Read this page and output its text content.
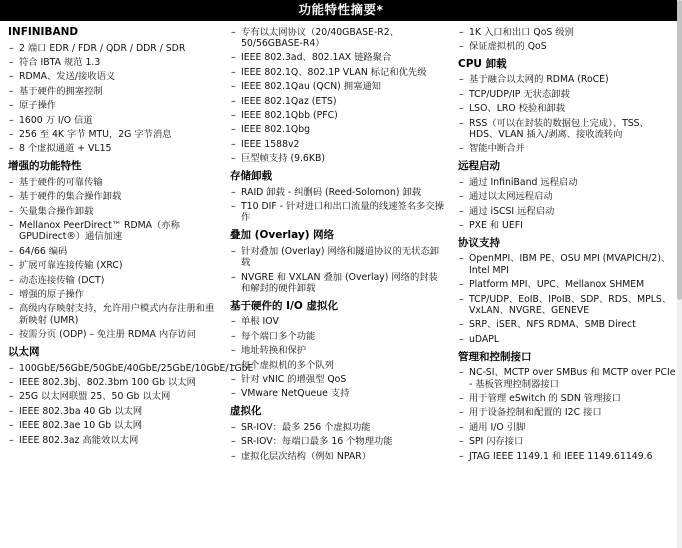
功能特性摘要*
INFINIBAND
– 2 端口 EDR / FDR / QDR / DDR / SDR
– 符合 IBTA 规范 1.3
– RDMA、发送/接收语义
– 基于硬件的拥塞控制
– 原子操作
– 1600 万 I/O 信道
– 256 至 4K 字节 MTU，2G 字节消息
– 8 个虚拟通道 + VL15
增强的功能特性
– 基于硬件的可靠传输
– 基于硬件的集合操作卸载
– 矢量集合操作卸载
– Mellanox PeerDirect™ RDMA（亦称 GPUDirect®）通信加速
– 64/66 编码
– 扩展可靠连接传输 (XRC)
– 动态连接传输 (DCT)
– 增强的原子操作
– 高级内存映射支持，允许用户模式内存注册和重新映射 (UMR)
– 按需分页 (ODP) – 免注册 RDMA 内存访问
以太网
– 100GbE/56GbE/50GbE/40GbE/25GbE/10GbE/1GbE
– IEEE 802.3bj、802.3bm 100 Gb 以太网
– 25G 以太网联盟 25、50 Gb 以太网
– IEEE 802.3ba 40 Gb 以太网
– IEEE 802.3ae 10 Gb 以太网
– IEEE 802.3az 高能效以太网
– 专有以太网协议（20/40GBASE-R2、50/56GBASE-R4）
– IEEE 802.3ad、802.1AX 链路聚合
– IEEE 802.1Q、802.1P VLAN 标记和优先级
– IEEE 802.1Qau (QCN) 拥塞通知
– IEEE 802.1Qaz (ETS)
– IEEE 802.1Qbb (PFC)
– IEEE 802.1Qbg
– IEEE 1588v2
– 巨型帧支持 (9.6KB)
存储卸载
– RAID 卸载 - 纠删码 (Reed-Solomon) 卸载
– T10 DIF - 针对进口和出口流量的线速签名多交操作
叠加 (Overlay) 网络
– 针对叠加 (Overlay) 网络和隧道协议的无状态卸载
– NVGRE 和 VXLAN 叠加 (Overlay) 网络的封装和解封的硬件卸载
基于硬件的 I/O 虚拟化
– 单根 IOV
– 每个端口多个功能
– 地址转换和保护
– 每个虚拟机的多个队列
– 针对 vNIC 的增强型 QoS
– VMware NetQueue 支持
虚拟化
– SR-IOV：最多 256 个虚拟功能
– SR-IOV：每端口最多 16 个物理功能
– 虚拟化层次结构（例如 NPAR）
– 1K 入口和出口 QoS 级别
– 保证虚拟机的 QoS
CPU 卸载
– 基于融合以太网的 RDMA (RoCE)
– TCP/UDP/IP 无状态卸载
– LSO、LRO 校验和卸载
– RSS（可以在封装的数据包上完成）、TSS、HDS、VLAN 插入/剥离、接收流转向
– 智能中断合并
远程启动
– 通过 InfiniBand 远程启动
– 通过以太网远程启动
– 通过 iSCSI 远程启动
– PXE 和 UEFI
协议支持
– OpenMPI、IBM PE、OSU MPI (MVAPICH/2)、Intel MPI
– Platform MPI、UPC、Mellanox SHMEM
– TCP/UDP、EoIB、IPoIB、SDP、RDS、MPLS、VxLAN、NVGRE、GENEVE
– SRP、iSER、NFS RDMA、SMB Direct
– uDAPL
管理和控制接口
– NC-SI、MCTP over SMBus 和 MCTP over PCIe - 基板管理控制器接口
– 用于管理 eSwitch 的 SDN 管理接口
– 用于设备控制和配置的 I2C 接口
– 通用 I/O 引脚
– SPI 闪存接口
– JTAG IEEE 1149.1 和 IEEE 1149.61149.6
